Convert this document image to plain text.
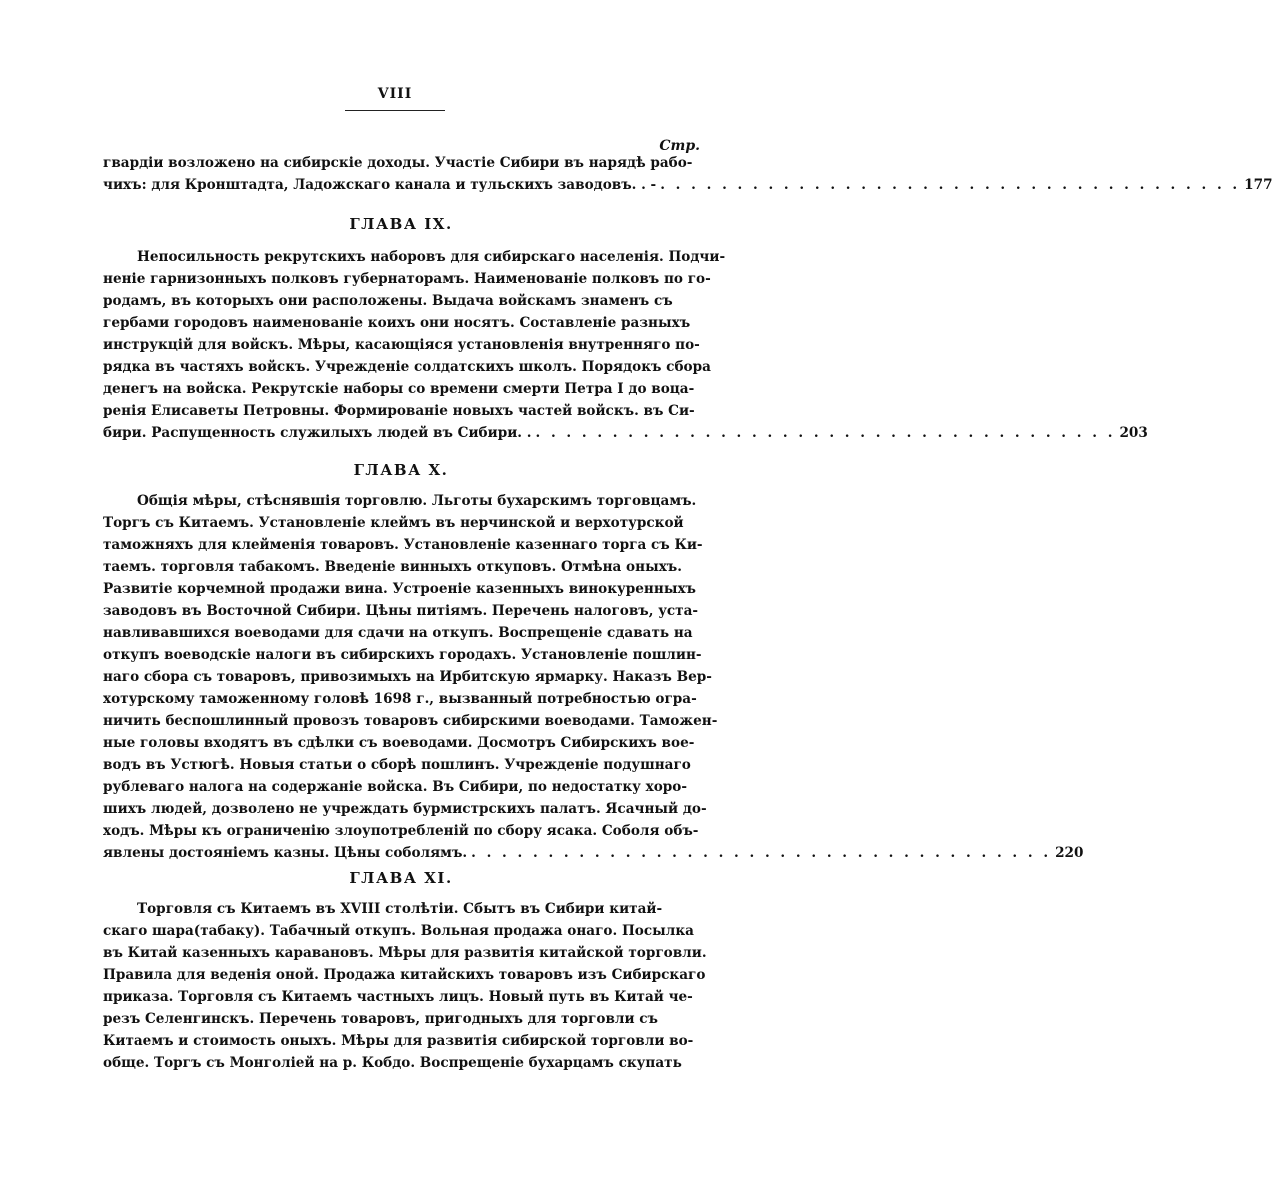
VIII
Стр.
гвардіи возложено на сибирскіе доходы. Участіе Сибири въ нарядѣ рабо-
чихъ: для Кронштадта, Ладожскаго канала и тульскихъ заводовъ. . - . . .	177
ГЛАВА IX.
Непосильность рекрутскихъ наборовъ для сибирскаго населенія. Подчи-
неніе гарнизонныхъ полковъ губернаторамъ. Наименованіе полковъ по го-
родамъ, въ которыхъ они расположены. Выдача войскамъ знаменъ съ
гербами городовъ наименованіе коихъ они носятъ. Составленіе разныхъ
инструкцій для войскъ. Мѣры, касающіяся установленія внутренняго по-
рядка въ частяхъ войскъ. Учрежденіе солдатскихъ школъ. Порядокъ сбора
денегъ на войска. Рекрутскіе наборы со времени смерти Петра I до воца-
ренія Елисаветы Петровны. Формированіе новыхъ частей войскъ. въ Си-
бири. Распущенность служилыхъ людей въ Сибири. . . . .	203
ГЛАВА X.
Общія мѣры, стѣснявшія торговлю. Льготы бухарскимъ торговцамъ.
Торгъ съ Китаемъ. Установленіе клеймъ въ нерчинской и верхотурской
таможняхъ для клейменія товаровъ. Установленіе казеннаго торга съ Ки-
таемъ. торговля табакомъ. Введеніе винныхъ откуповъ. Отмѣна оныхъ.
Развитіе корчемной продажи вина. Устроеніе казенныхъ винокуренныхъ
заводовъ въ Восточной Сибири. Цѣны питіямъ. Перечень налоговъ, уста-
навливавшихся воеводами для сдачи на откупъ. Воспрещеніе сдавать на
откупъ воеводскіе налоги въ сибирскихъ городахъ. Установленіе пошлин-
наго сбора съ товаровъ, привозимыхъ на Ирбитскую ярмарку. Наказъ Вер-
хотурскому таможенному головѣ 1698 г., вызванный потребностью огра-
ничить беспошлинный провозъ товаровъ сибирскими воеводами. Таможен-
ные головы входятъ въ сдѣлки съ воеводами. Досмотръ Сибирскихъ вое-
водъ въ Устюгѣ. Новыя статьи о сборѣ пошлинъ. Учрежденіе подушнаго
рублеваго налога на содержаніе войска. Въ Сибири, по недостатку хоро-
шихъ людей, дозволено не учреждать бурмистрскихъ палатъ. Ясачный до-
ходъ. Мѣры къ ограниченію злоупотребленій по сбору ясака. Соболя объ-
явлены достояніемъ казны. Цѣны соболямъ. . . .	220
ГЛАВА XI.
Торговля съ Китаемъ въ XVIII столѣтіи. Сбытъ въ Сибири китай-
скаго шара(табаку). Табачный откупъ. Вольная продажа онаго. Посылка
въ Китай казенныхъ каравановъ. Мѣры для развитія китайской торговли.
Правила для веденія оной. Продажа китайскихъ товаровъ изъ Сибирскаго
приказа. Торговля съ Китаемъ частныхъ лицъ. Новый путь въ Китай че-
резъ Селенгинскъ. Перечень товаровъ, пригодныхъ для торговли съ
Китаемъ и стоимость оныхъ. Мѣры для развитія сибирской торговли во-
обще. Торгъ съ Монголіей на р. Кобдо. Воспрещеніе бухарцамъ скупать
